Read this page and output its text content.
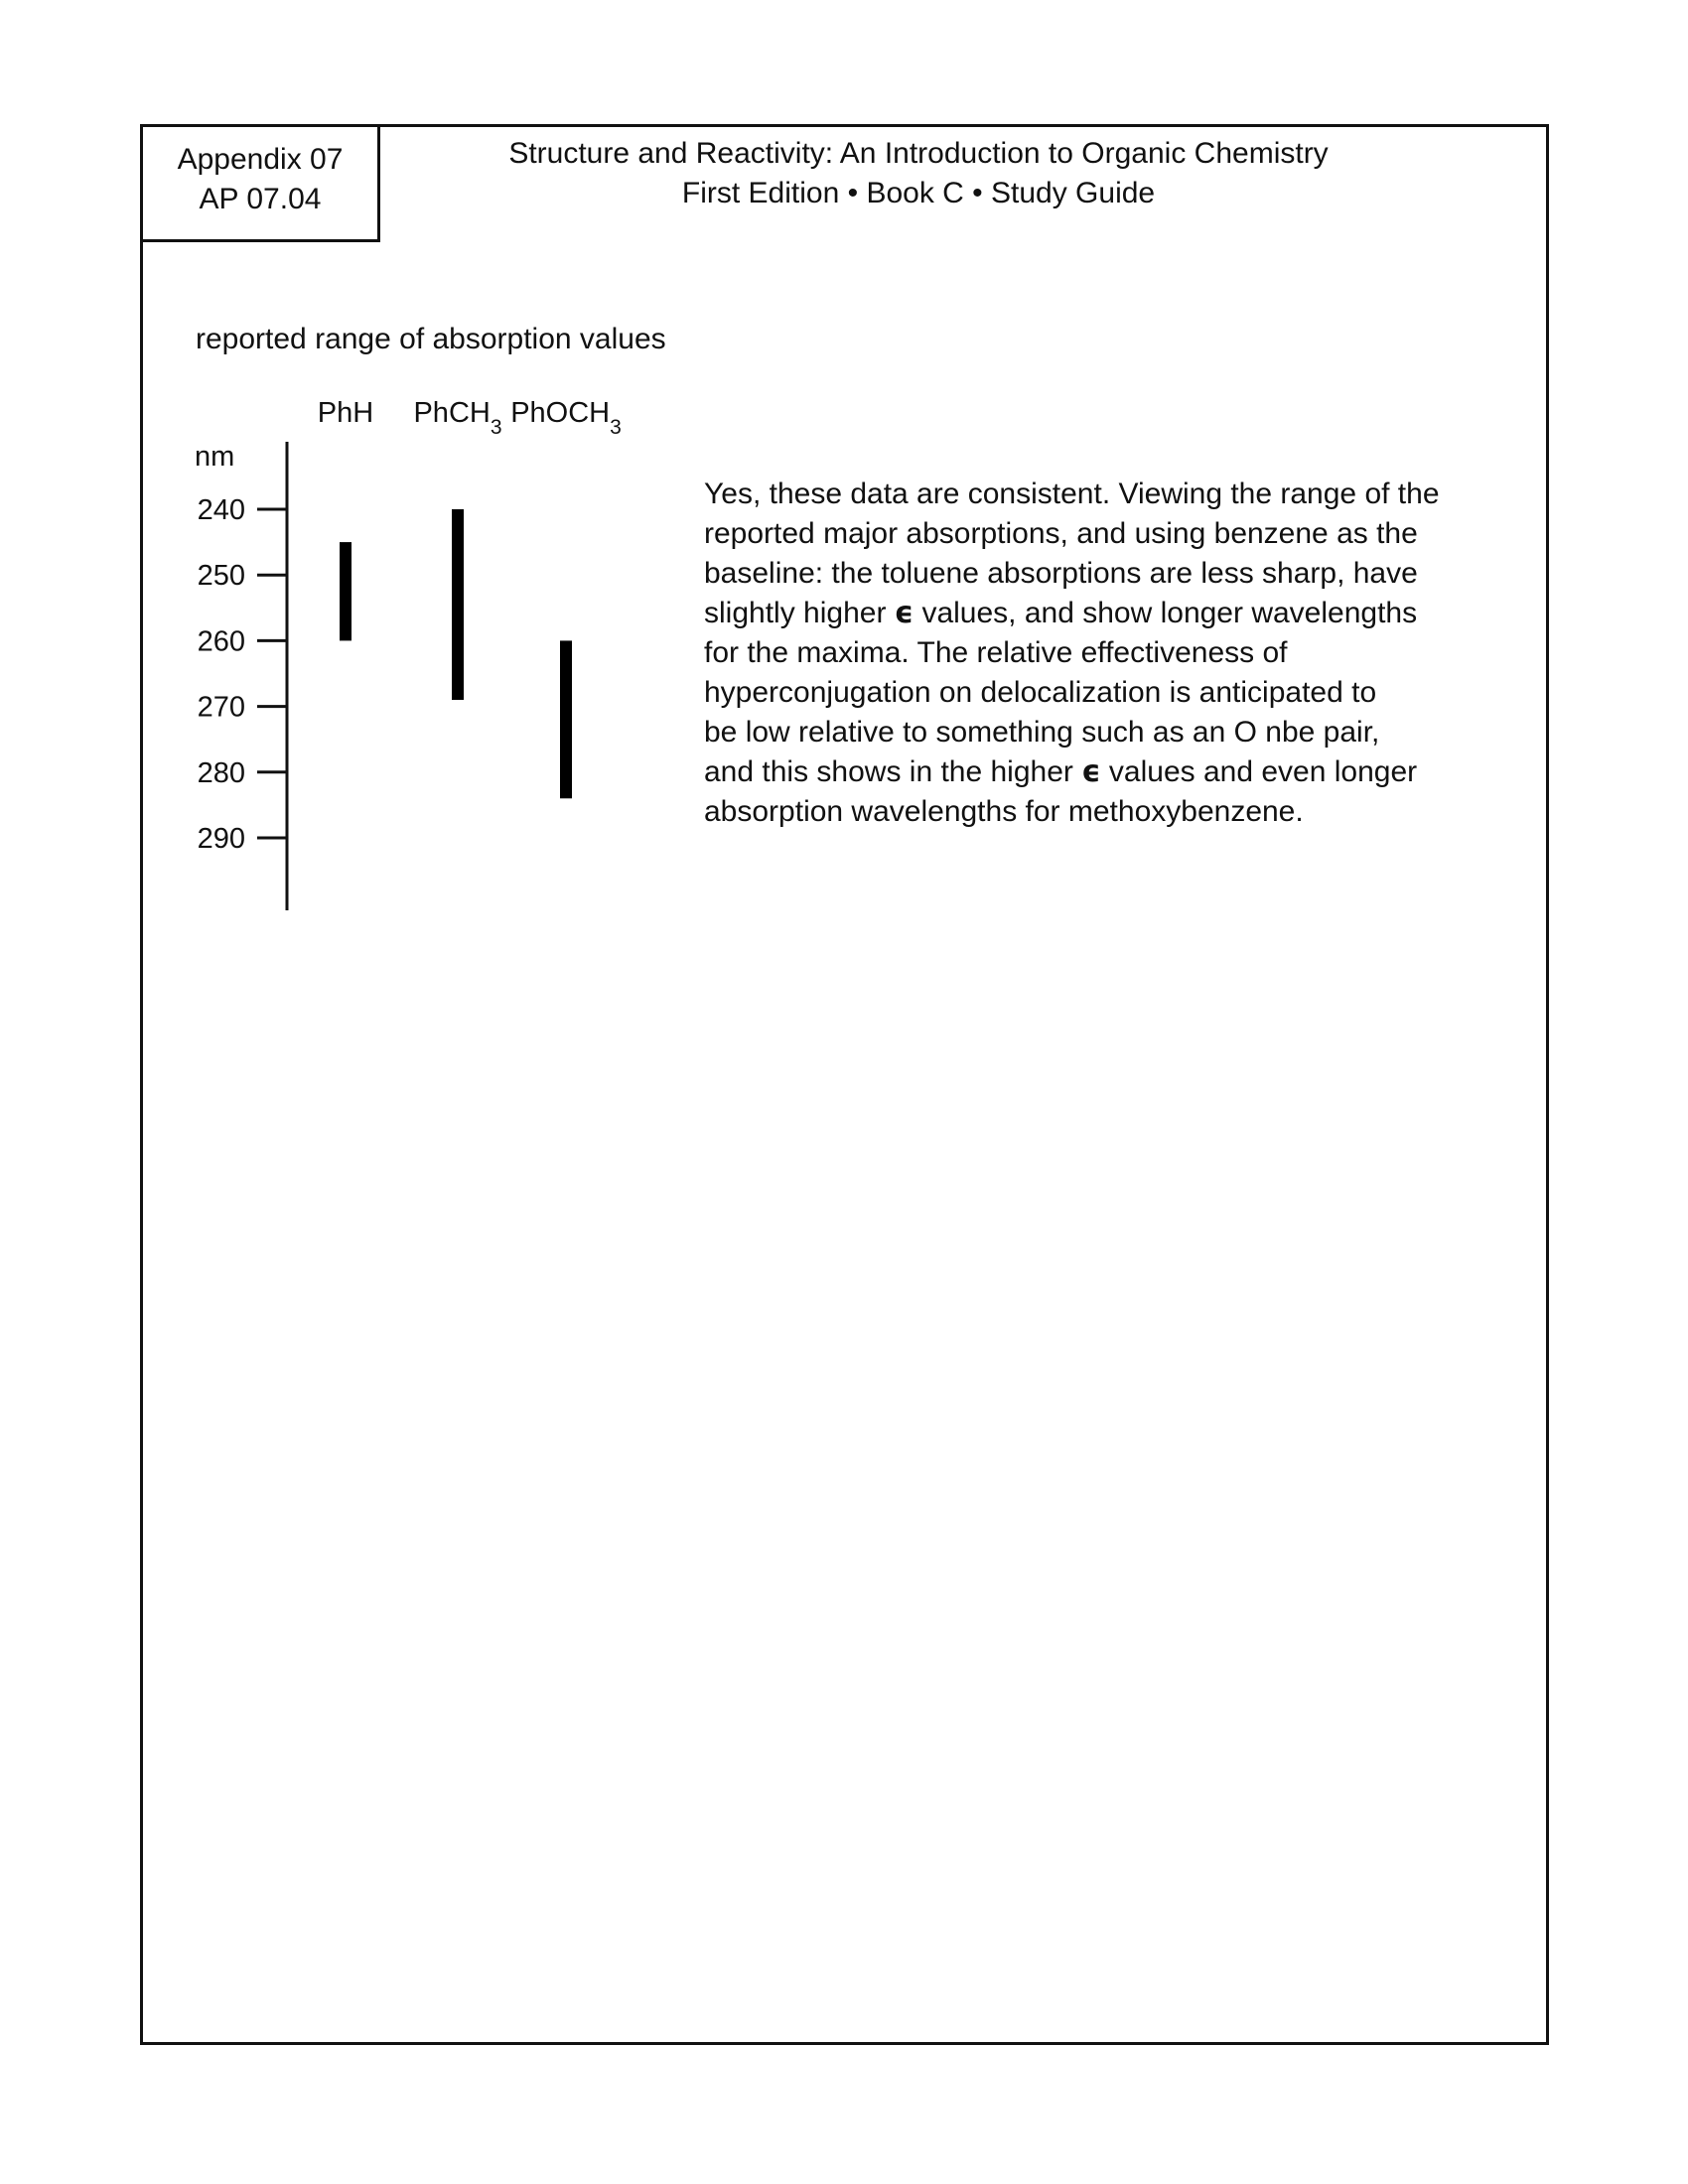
Appendix 07
AP 07.04
Structure and Reactivity: An Introduction to Organic Chemistry
First Edition • Book C • Study Guide
reported range of absorption values
nm
240
250
260
270
280
290
PhH PhCH$_3$ PhOCH$_3$
Yes, these data are consistent. Viewing the range of the
reported major absorptions, and using benzene as the
baseline: the toluene absorptions are less sharp, have
slightly higher ϵ values, and show longer wavelengths
for the maxima. The relative effectiveness of
hyperconjugation on delocalization is anticipated to
be low relative to something such as an O nbe pair,
and this shows in the higher ϵ values and even longer
absorption wavelengths for methoxybenzene.
